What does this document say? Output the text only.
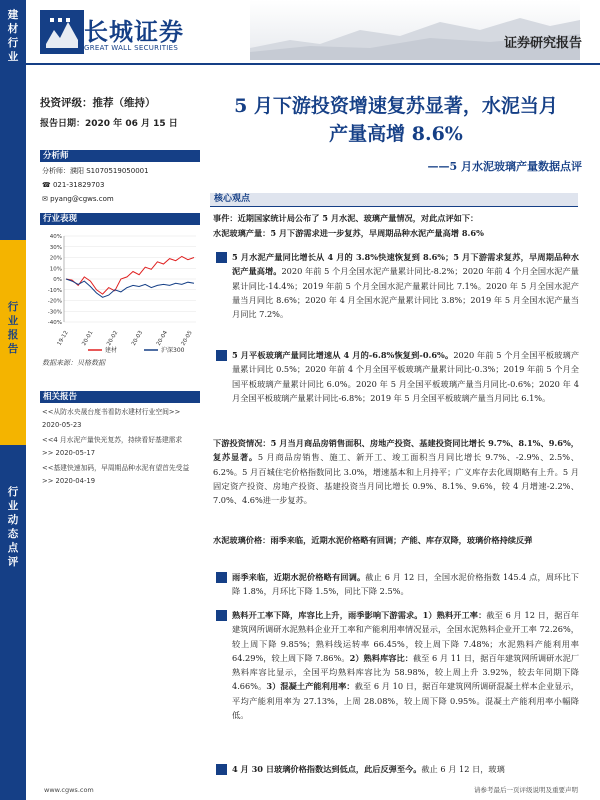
建
材
行
业
行
业
报
告
行
业
动
态
点
评
长城证券
GREAT WALL SECURITIES	证券研究报告
投资评级：推荐（维持）
报告日期：2020 年 06 月 15 日
分析师
分析师：濮阳 S1070519050001
☎ 021-31829703
✉ pyang@cgws.com
行业表现
40%
30%
20%
10%
0%
-10%
-20%
-30%
-40%
19-12 20-01 20-02 20-03 20-04 20-05
建材	沪深300
数据来源：贝格数据
相关报告
<<从防水央晟台度书看防水建材行业空间>> 2020-05-23
<<4 月水泥产量快光复苏，持续看好基建需求>> 2020-05-17
<<基建快速加码，早周期品种水泥有望首先受益>> 2020-04-19
5 月下游投资增速复苏显著，水泥当月
产量高增 8.6%
——5 月水泥玻璃产量数据点评
核心观点
事件：近期国家统计局公布了 5 月水泥、玻璃产量情况，对此点评如下：
水泥玻璃产量：5 月下游需求进一步复苏，早周期品种水泥产量高增 8.6%
5 月水泥产量同比增长从 4 月的 3.8%快速恢复到 8.6%；5 月下游需求复苏，早周期品种水泥产量高增。2020 年前 5 个月全国水泥产量累计同比-8.2%；2020 年前 4 个月全国水泥产量累计同比-14.4%；2019 年前 5 个月全国水泥产量累计同比 7.1%。2020 年 5 月全国水泥产量当月同比 8.6%；2020 年 4 月全国水泥产量累计同比 3.8%；2019 年 5 月全国水泥产量当月同比 7.2%。
5 月平板玻璃产量同比增速从 4 月的-6.8%恢复到-0.6%。2020 年前 5 个月全国平板玻璃产量累计同比 0.5%；2020 年前 4 个月全国平板玻璃产量累计同比-0.3%；2019 年前 5 个月全国平板玻璃产量累计同比 6.0%。2020 年 5 月全国平板玻璃产量当月同比-0.6%；2020 年 4 月全国平板玻璃产量累计同比-6.8%；2019 年 5 月全国平板玻璃产量当月同比 6.1%。
下游投资情况：5 月当月商品房销售面积、房地产投资、基建投资同比增长 9.7%、8.1%、9.6%，复苏显著。5 月商品房销售、施工、新开工、竣工面积当月同比增长 9.7%、-2.9%、2.5%、6.2%。5 月百城住宅价格指数同比 3.0%，增速基本和上月持平；广义库存去化周期略有上升。5 月固定资产投资、房地产投资、基建投资当月同比增长 0.9%、8.1%、9.6%，较 4 月增速-2.2%、7.0%、4.6%进一步复苏。
水泥玻璃价格：雨季来临，近期水泥价格略有回调；产能、库存双降，玻璃价格持续反弹
雨季来临，近期水泥价格略有回调。截止 6 月 12 日，全国水泥价格指数 145.4 点，周环比下降 1.8%，月环比下降 1.5%，同比下降 2.5%。
熟料开工率下降，库容比上升，雨季影响下游需求。1）熟料开工率：截至 6 月 12 日，据百年建筑网所调研水泥熟料企业开工率和产能利用率情况显示，全国水泥熟料企业开工率 72.26%，较上周下降 9.85%；熟料线运转率 66.45%，较上周下降 7.48%；水泥熟料产能利用率 64.29%，较上周下降 7.86%。2）熟料库容比：截至 6 月 11 日，据百年建筑网所调研水泥厂熟料库容比显示，全国平均熟料库容比为 58.98%，较上周上升 3.92%，较去年同期下降 4.66%。3）混凝土产能利用率：截至 6 月 10 日，据百年建筑网所调研混凝土样本企业显示，平均产能利用率为 27.13%，上周 28.08%，较上周下降 0.95%。混凝土产能利用率小幅降低。
4 月 30 日玻璃价格指数达到低点，此后反弹至今。截止 6 月 12 日，玻璃
www.cgws.com	请参考最后一页评级说明及重要声明
